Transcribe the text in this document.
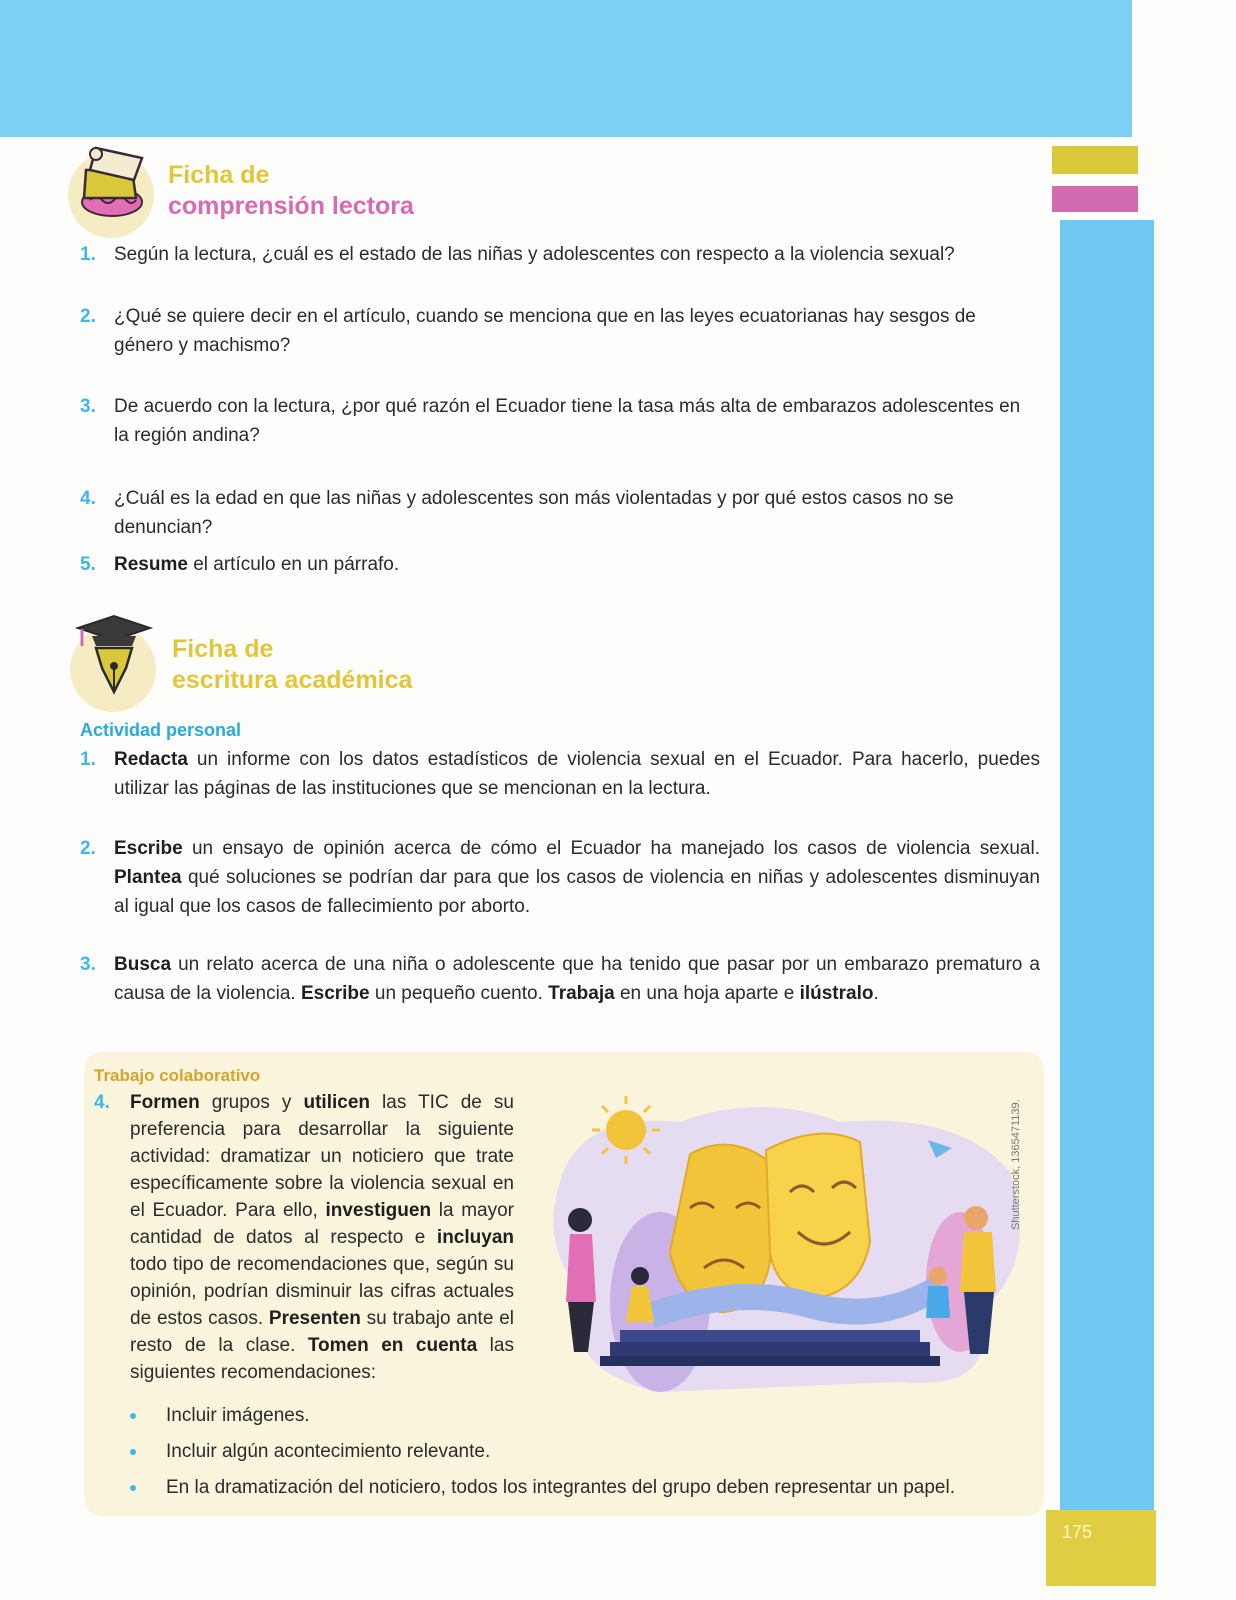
175
Ficha de
comprensión lectora
1. Según la lectura, ¿cuál es el estado de las niñas y adolescentes con respecto a la violencia sexual?
2. ¿Qué se quiere decir en el artículo, cuando se menciona que en las leyes ecuatorianas hay sesgos de género y machismo?
3. De acuerdo con la lectura, ¿por qué razón el Ecuador tiene la tasa más alta de embarazos adolescentes en la región andina?
4. ¿Cuál es la edad en que las niñas y adolescentes son más violentadas y por qué estos casos no se denuncian?
5. Resume el artículo en un párrafo.
Ficha de
escritura académica
Actividad personal
1. Redacta un informe con los datos estadísticos de violencia sexual en el Ecuador. Para hacerlo, puedes utilizar las páginas de las instituciones que se mencionan en la lectura.
2. Escribe un ensayo de opinión acerca de cómo el Ecuador ha manejado los casos de violencia sexual. Plantea qué soluciones se podrían dar para que los casos de violencia en niñas y adolescentes disminuyan al igual que los casos de fallecimiento por aborto.
3. Busca un relato acerca de una niña o adolescente que ha tenido que pasar por un embarazo prematuro a causa de la violencia. Escribe un pequeño cuento. Trabaja en una hoja aparte e ilústralo.
Trabajo colaborativo
4. Formen grupos y utilicen las TIC de su preferencia para desarrollar la siguiente actividad: dramatizar un noticiero que trate específicamente sobre la violencia sexual en el Ecuador. Para ello, investiguen la mayor cantidad de datos al respecto e incluyan todo tipo de recomendaciones que, según su opinión, podrían disminuir las cifras actuales de estos casos. Presenten su trabajo ante el resto de la clase. Tomen en cuenta las siguientes recomendaciones:
Shutterstock, 1365471139.
Incluir imágenes.
Incluir algún acontecimiento relevante.
En la dramatización del noticiero, todos los integrantes del grupo deben representar un papel.
